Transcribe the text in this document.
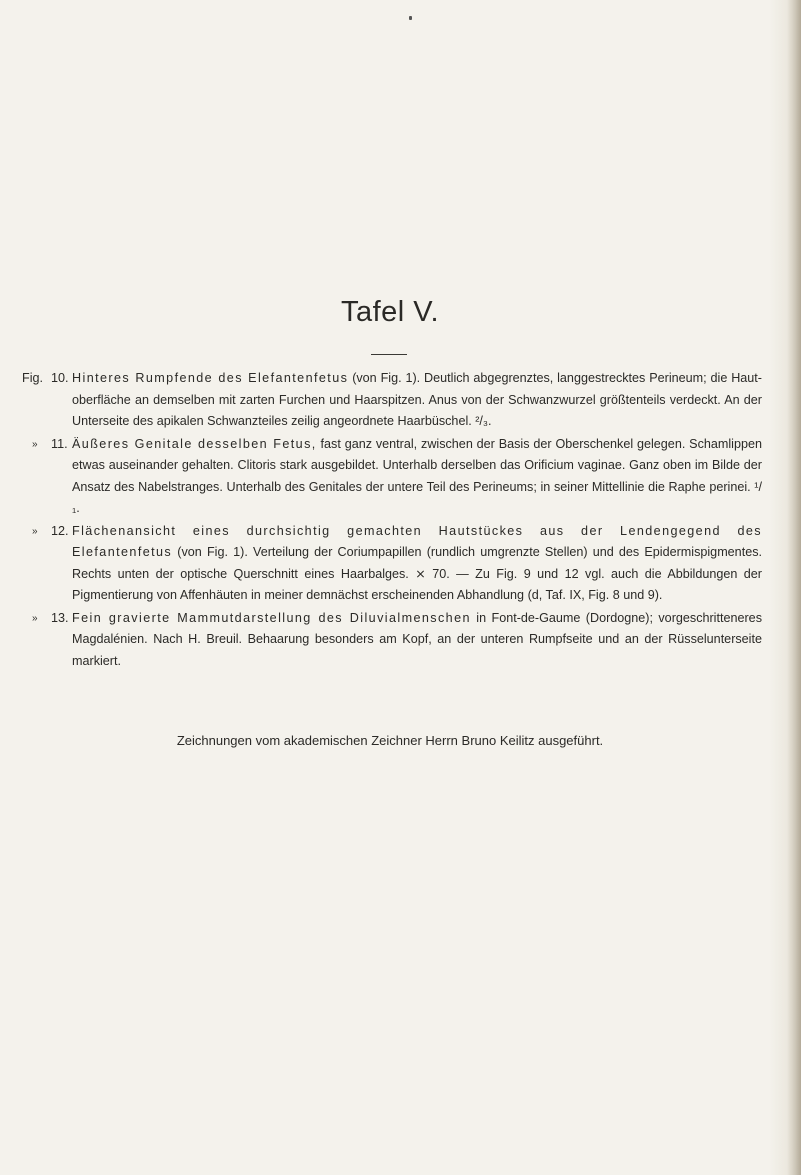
Tafel V.
Fig. 10. Hinteres Rumpfende des Elefantenfetus (von Fig. 1). Deutlich abgegrenztes, langgestrecktes Perineum; die Haut-oberfläche an demselben mit zarten Furchen und Haarspitzen. Anus von der Schwanzwurzel größtenteils verdeckt. An der Unterseite des apikalen Schwanzteiles zeilig angeordnete Haarbüschel. ²/₃.
»	11. Äußeres Genitale desselben Fetus, fast ganz ventral, zwischen der Basis der Oberschenkel gelegen. Schamlippen etwas auseinander gehalten. Clitoris stark ausgebildet. Unterhalb derselben das Orificium vaginae. Ganz oben im Bilde der Ansatz des Nabelstranges. Unterhalb des Genitales der untere Teil des Perineums; in seiner Mittellinie die Raphe perinei. ¹/₁.
»	12. Flächenansicht eines durchsichtig gemachten Hautstückes aus der Lendengegend des Elefantenfetus (von Fig. 1). Verteilung der Coriumpapillen (rundlich umgrenzte Stellen) und des Epidermispigmentes. Rechts unten der optische Querschnitt eines Haarbalges. ⨯ 70. — Zu Fig. 9 und 12 vgl. auch die Abbildungen der Pigmentierung von Affenhäuten in meiner demnächst erscheinenden Abhandlung (d, Taf. IX, Fig. 8 und 9).
»	13. Fein gravierte Mammutdarstellung des Diluvialmenschen in Font-de-Gaume (Dordogne); vorgeschritteneres Magdalénien. Nach H. Breuil. Behaarung besonders am Kopf, an der unteren Rumpfseite und an der Rüsselunterseite markiert.
Zeichnungen vom akademischen Zeichner Herrn Bruno Keilitz ausgeführt.
